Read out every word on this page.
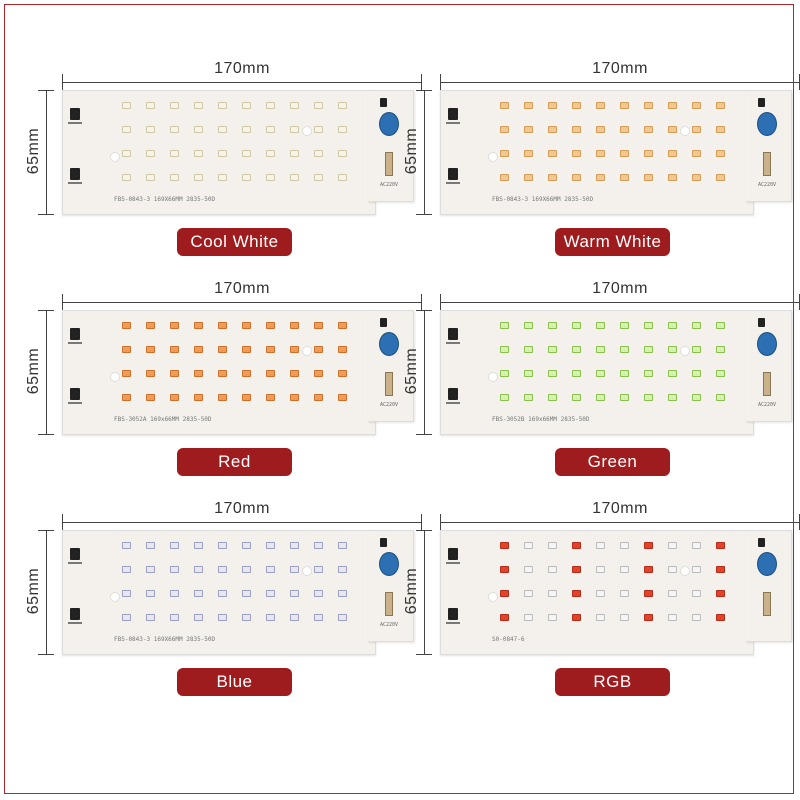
170mm
65mm
FBS-0843-3 169X66MM 2835-50D
AC220V
Cool White
170mm
65mm
FBS-0843-3 169X66MM 2835-50D
AC220V
Warm White
170mm
65mm
FBS-3052A 169x66MM 2835-50D
AC220V
Red
170mm
65mm
FBS-3052B 169x66MM 2835-50D
AC220V
Green
170mm
65mm
FBS-0843-3 169X66MM 2835-50D
AC220V
Blue
170mm
65mm
S0-0847-6
RGB
